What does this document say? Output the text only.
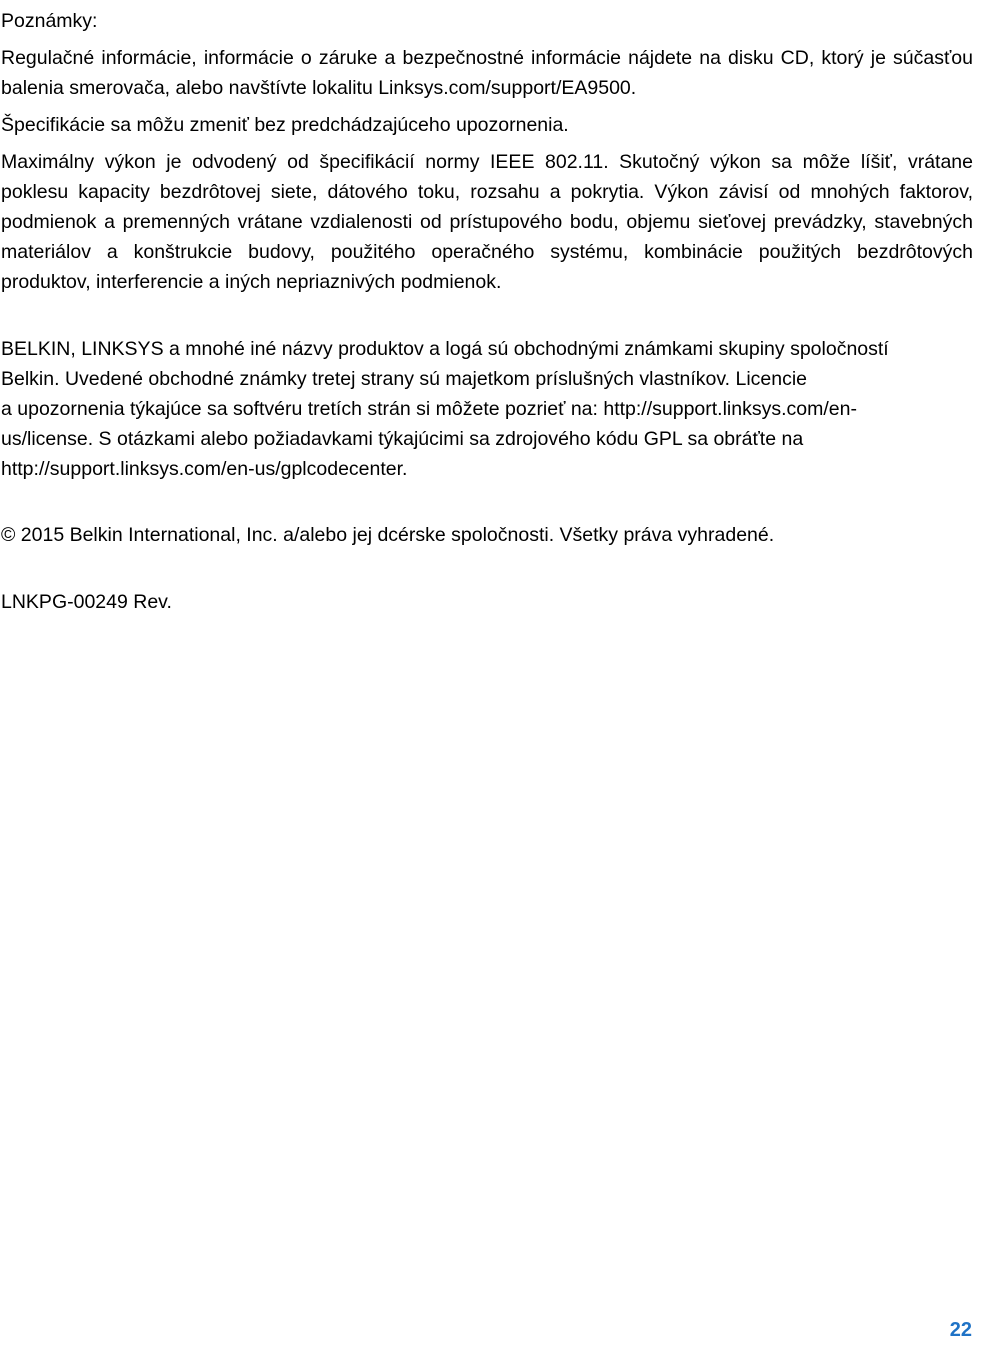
Poznámky:

Regulačné informácie, informácie o záruke a bezpečnostné informácie nájdete na disku CD, ktorý je súčasťou balenia smerovača, alebo navštívte lokalitu Linksys.com/support/EA9500.

Špecifikácie sa môžu zmeniť bez predchádzajúceho upozornenia.

Maximálny výkon je odvodený od špecifikácií normy IEEE 802.11. Skutočný výkon sa môže líšiť, vrátane poklesu kapacity bezdrôtovej siete, dátového toku, rozsahu a pokrytia. Výkon závisí od mnohých faktorov, podmienok a premenných vrátane vzdialenosti od prístupového bodu, objemu sieťovej prevádzky, stavebných materiálov a konštrukcie budovy, použitého operačného systému, kombinácie použitých bezdrôtových produktov, interferencie a iných nepriaznivých podmienok.

BELKIN, LINKSYS a mnohé iné názvy produktov a logá sú obchodnými známkami skupiny spoločností
Belkin. Uvedené obchodné známky tretej strany sú majetkom príslušných vlastníkov. Licencie
a upozornenia týkajúce sa softvéru tretích strán si môžete pozrieť na: http://support.linksys.com/en-
us/license. S otázkami alebo požiadavkami týkajúcimi sa zdrojového kódu GPL sa obráťte na
http://support.linksys.com/en-us/gplcodecenter.

© 2015 Belkin International, Inc. a/alebo jej dcérske spoločnosti. Všetky práva vyhradené.

LNKPG-00249 Rev.

22
